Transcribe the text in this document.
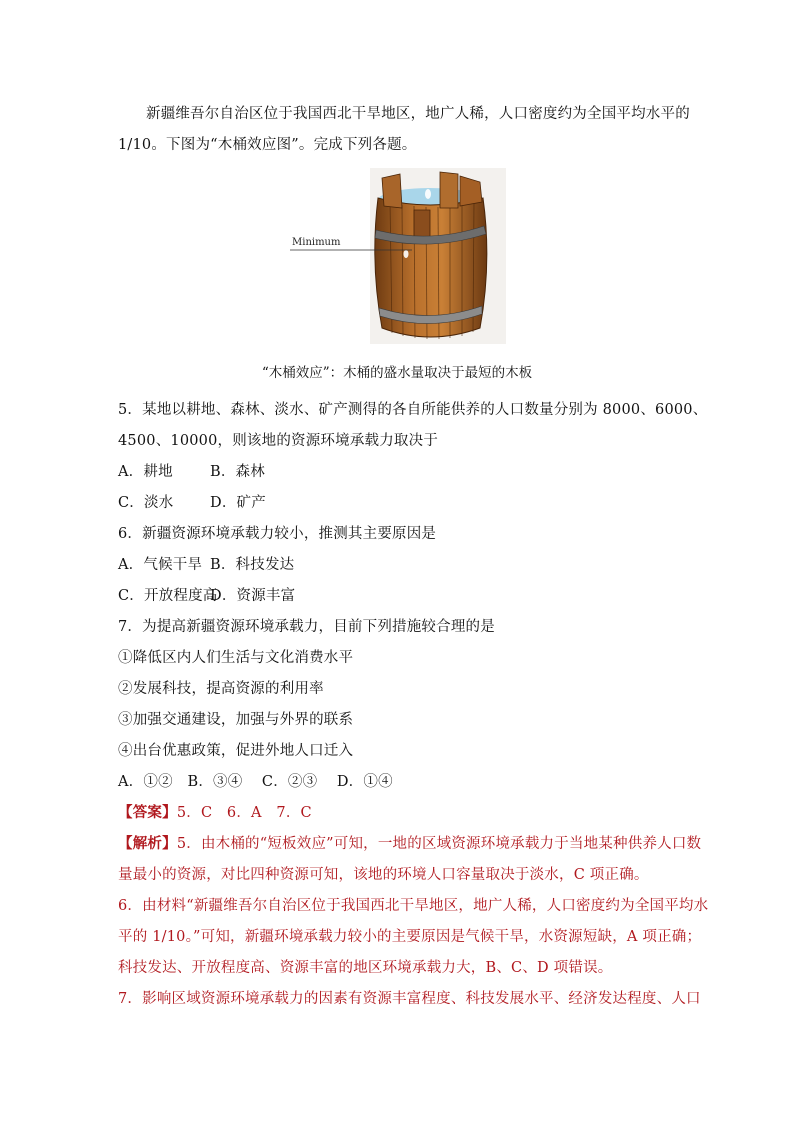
新疆维吾尔自治区位于我国西北干旱地区，地广人稀，人口密度约为全国平均水平的
1/10。下图为“木桶效应图”。完成下列各题。
Minimum
“木桶效应”：木桶的盛水量取决于最短的木板
5．某地以耕地、森林、淡水、矿产测得的各自所能供养的人口数量分别为 8000、6000、
4500、10000，则该地的资源环境承载力取决于
A．耕地	B．森林
C．淡水	D．矿产
6．新疆资源环境承载力较小，推测其主要原因是
A．气候干旱 B．科技发达
C．开放程度高D．资源丰富
7．为提高新疆资源环境承载力，目前下列措施较合理的是
①降低区内人们生活与文化消费水平
②发展科技，提高资源的利用率
③加强交通建设，加强与外界的联系
④出台优惠政策，促进外地人口迁入
A．①②　B．③④　 C．②③　 D．①④
【答案】5．C　6．A　7．C
【解析】5．由木桶的“短板效应”可知，一地的区域资源环境承载力于当地某种供养人口数
量最小的资源，对比四种资源可知，该地的环境人口容量取决于淡水，C 项正确。
6．由材料“新疆维吾尔自治区位于我国西北干旱地区，地广人稀，人口密度约为全国平均水
平的 1/10。”可知，新疆环境承载力较小的主要原因是气候干旱，水资源短缺，A 项正确；
科技发达、开放程度高、资源丰富的地区环境承载力大，B、C、D 项错误。
7．影响区域资源环境承载力的因素有资源丰富程度、科技发展水平、经济发达程度、人口
